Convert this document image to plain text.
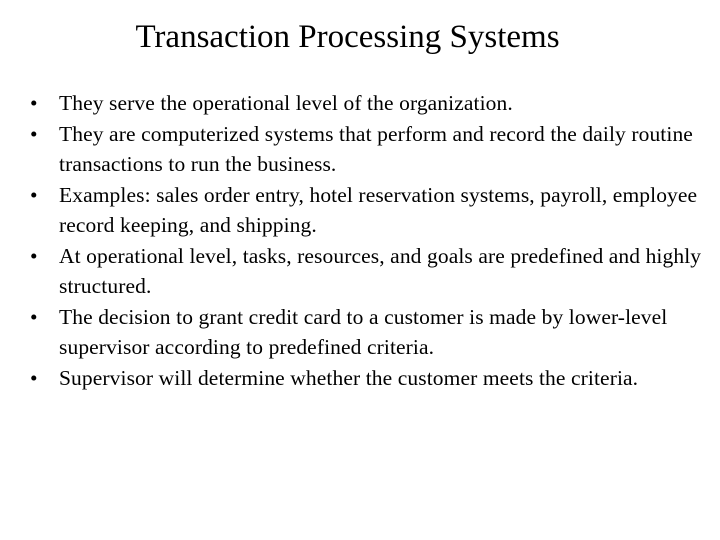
Transaction Processing Systems
• They serve the operational level of the organization.
• They are computerized systems that perform and record the daily routine transactions to run the business.
• Examples: sales order entry, hotel reservation systems, payroll, employee record keeping, and shipping.
• At operational level, tasks, resources, and goals are predefined and highly structured.
• The decision to grant credit card to a customer is made by lower-level supervisor according to predefined criteria.
• Supervisor will determine whether the customer meets the criteria.
